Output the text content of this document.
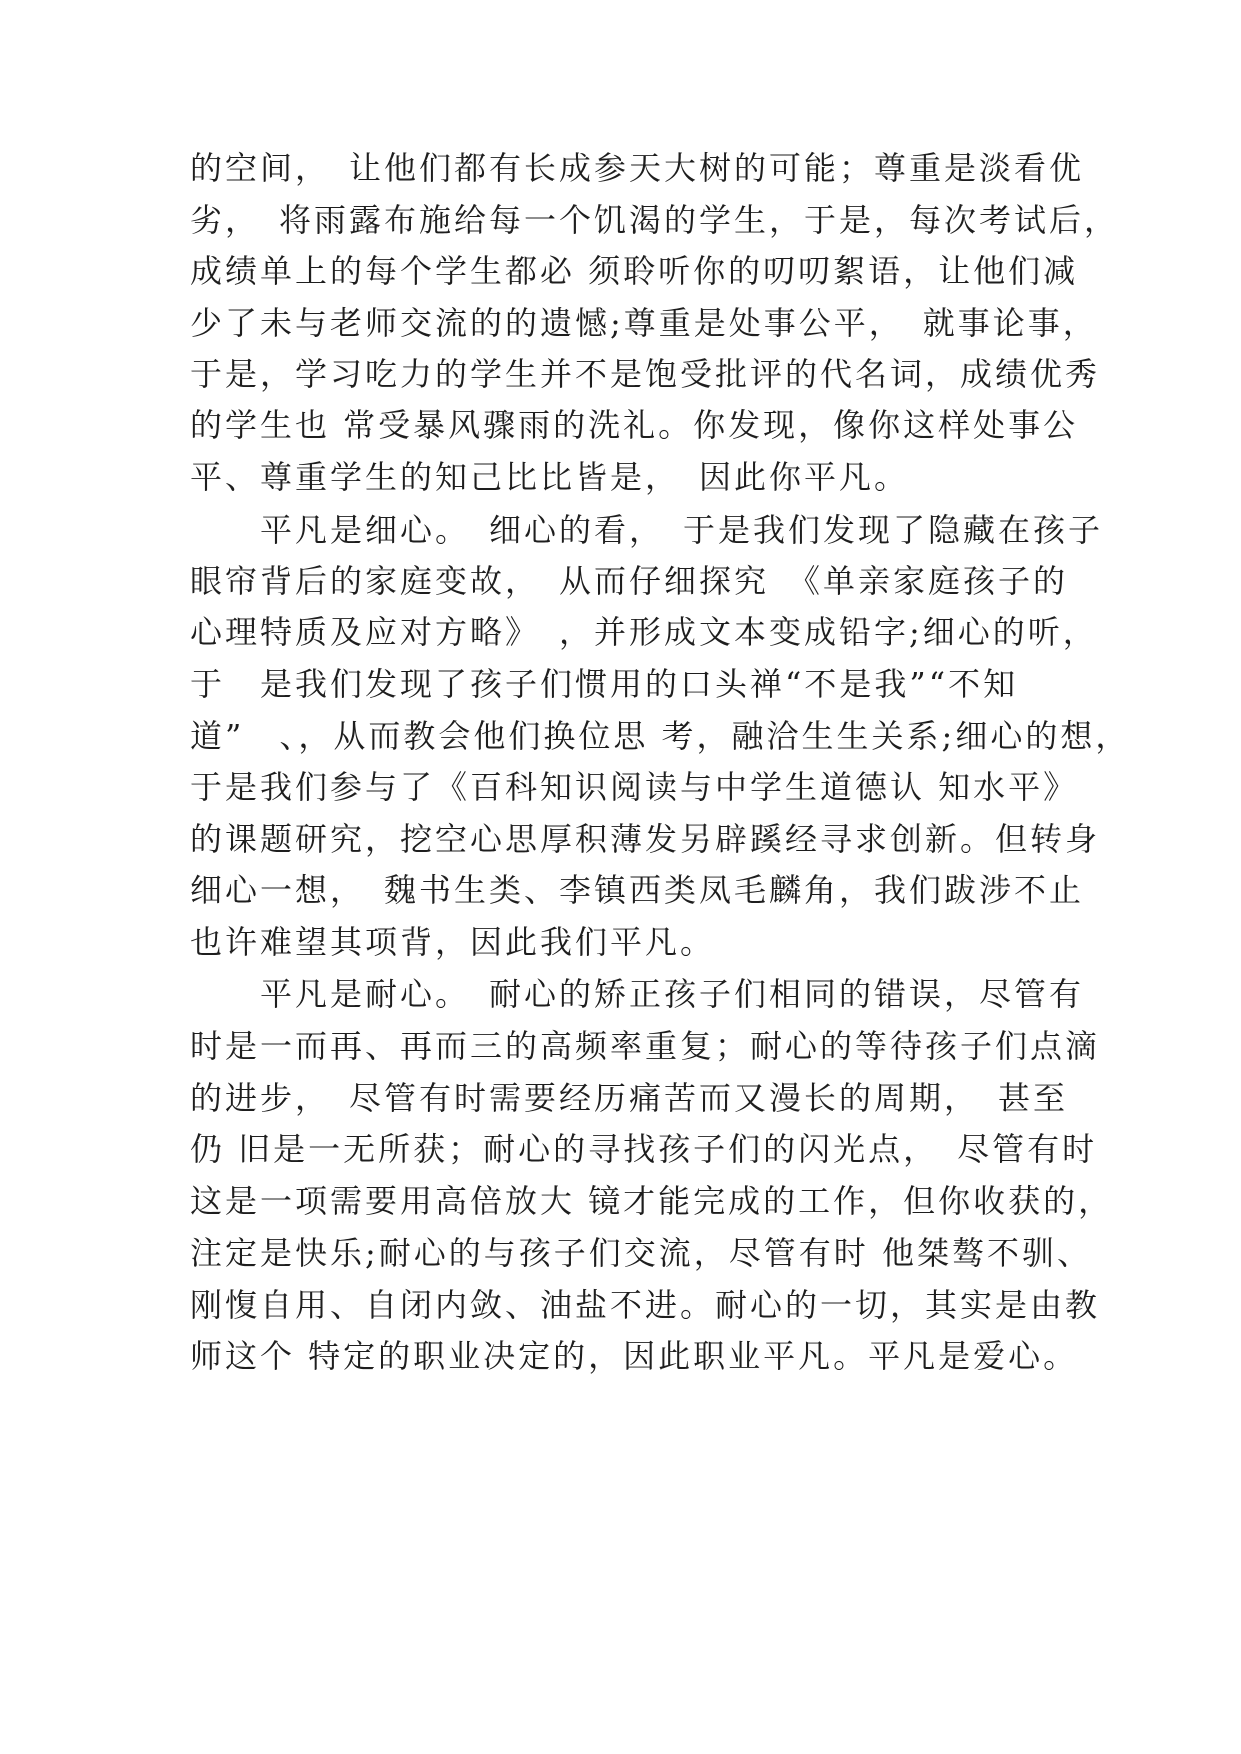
的空间，　让他们都有长成参天大树的可能；尊重是淡看优
劣，　将雨露布施给每一个饥渴的学生，于是，每次考试后，
成绩单上的每个学生都必 须聆听你的叨叨絮语，让他们减
少了未与老师交流的的遗憾;尊重是处事公平，　就事论事，
于是，学习吃力的学生并不是饱受批评的代名词，成绩优秀
的学生也 常受暴风骤雨的洗礼。你发现，像你这样处事公
平、尊重学生的知己比比皆是，　因此你平凡。
　　平凡是细心。　细心的看，　于是我们发现了隐藏在孩子
眼帘背后的家庭变故，　从而仔细探究　《单亲家庭孩子的
心理特质及应对方略》　，并形成文本变成铅字;细心的听，
于　是我们发现了孩子们惯用的口头禅“不是我”“不知
道”　、，从而教会他们换位思 考，融洽生生关系;细心的想，
于是我们参与了《百科知识阅读与中学生道德认 知水平》
的课题研究，挖空心思厚积薄发另辟蹊经寻求创新。但转身
细心一想，　魏书生类、李镇西类凤毛麟角，我们跋涉不止
也许难望其项背，因此我们平凡。
　　平凡是耐心。　耐心的矫正孩子们相同的错误，尽管有
时是一而再、再而三的高频率重复；耐心的等待孩子们点滴
的进步，　尽管有时需要经历痛苦而又漫长的周期，　甚至
仍 旧是一无所获；耐心的寻找孩子们的闪光点，　尽管有时
这是一项需要用高倍放大 镜才能完成的工作，但你收获的，
注定是快乐;耐心的与孩子们交流，尽管有时 他桀骜不驯、
刚愎自用、自闭内敛、油盐不进。耐心的一切，其实是由教
师这个 特定的职业决定的，因此职业平凡。平凡是爱心。
